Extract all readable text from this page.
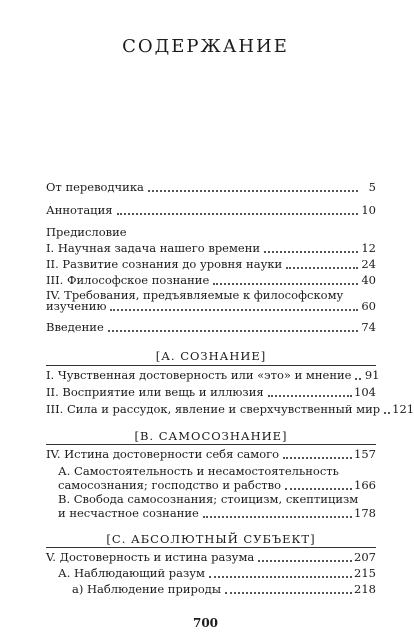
СОДЕРЖАНИЕ
От переводчика	5
Аннотация	10
Предисловие
I. Научная задача нашего времени	12
II. Развитие сознания до уровня науки	24
III. Философское познание	40
IV. Требования, предъявляемые к философскому
изучению	60
Введение	74
[А. СОЗНАНИЕ]
I. Чувственная достоверность или «это» и мнение 91
II. Восприятие или вещь и иллюзия	104
III. Сила и рассудок, явление и сверхчувственный мир 121
[В. САМОСОЗНАНИЕ]
IV. Истина достоверности себя самого	157
А. Самостоятельность и несамостоятельность
самосознания; господство и рабство	166
В. Свобода самосознания; стоицизм, скептицизм
и несчастное сознание	178
[С. АБСОЛЮТНЫЙ СУБЪЕКТ]
V. Достоверность и истина разума	207
А. Наблюдающий разум	215
а) Наблюдение природы	218
700
